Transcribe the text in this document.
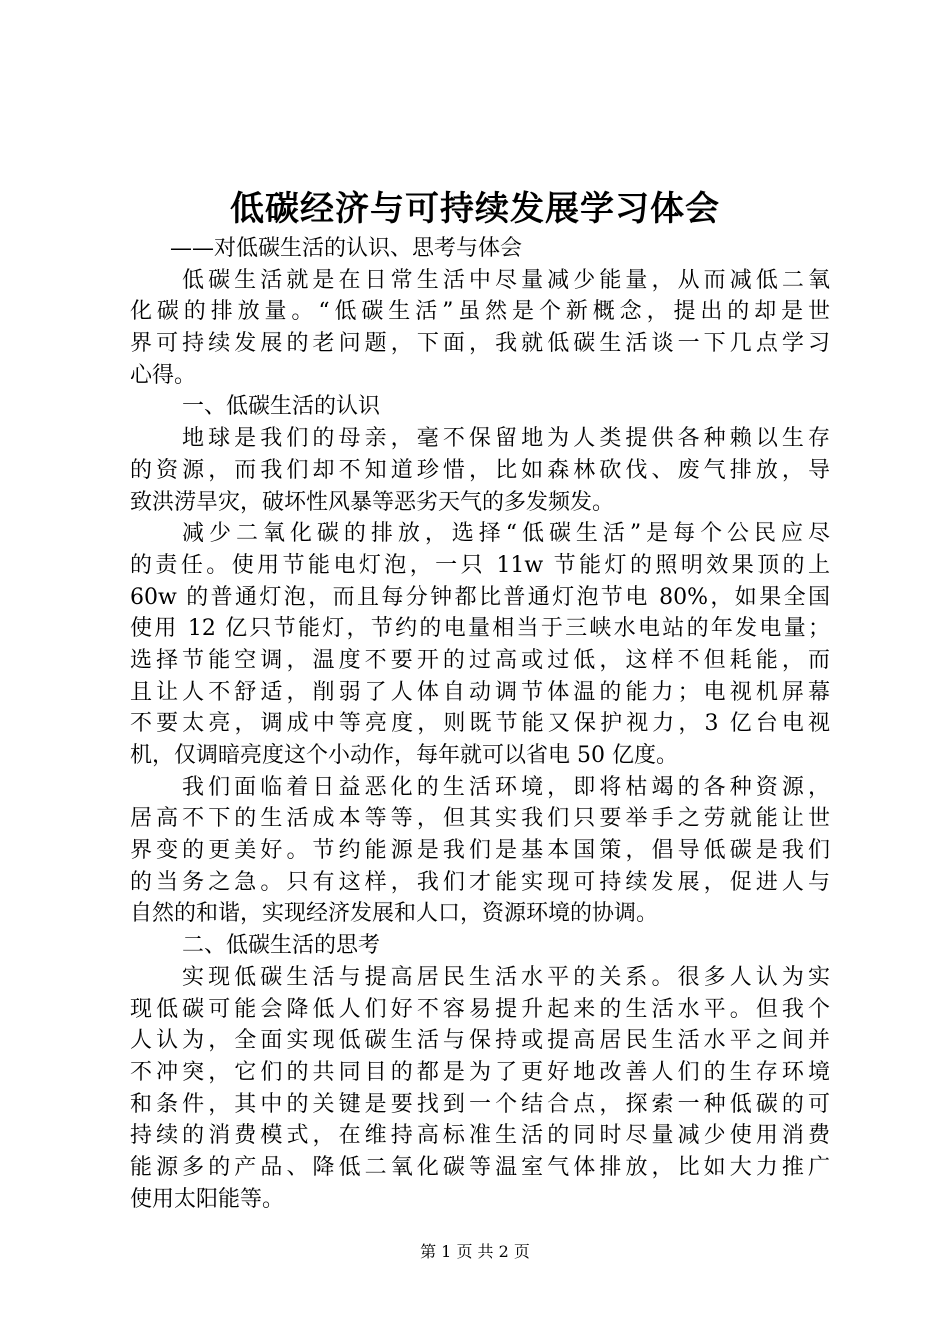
低碳经济与可持续发展学习体会
——对低碳生活的认识、思考与体会
低碳生活就是在日常生活中尽量减少能量，从而减低二氧
化碳的排放量。“低碳生活”虽然是个新概念，提出的却是世
界可持续发展的老问题，下面，我就低碳生活谈一下几点学习
心得。
一、低碳生活的认识
地球是我们的母亲，毫不保留地为人类提供各种赖以生存
的资源，而我们却不知道珍惜，比如森林砍伐、废气排放，导
致洪涝旱灾，破坏性风暴等恶劣天气的多发频发。
减少二氧化碳的排放，选择“低碳生活”是每个公民应尽
的责任。使用节能电灯泡，一只 11w 节能灯的照明效果顶的上
60w 的普通灯泡，而且每分钟都比普通灯泡节电 80%，如果全国
使用 12 亿只节能灯，节约的电量相当于三峡水电站的年发电量；
选择节能空调，温度不要开的过高或过低，这样不但耗能，而
且让人不舒适，削弱了人体自动调节体温的能力；电视机屏幕
不要太亮，调成中等亮度，则既节能又保护视力，3 亿台电视
机，仅调暗亮度这个小动作，每年就可以省电 50 亿度。
我们面临着日益恶化的生活环境，即将枯竭的各种资源，
居高不下的生活成本等等，但其实我们只要举手之劳就能让世
界变的更美好。节约能源是我们是基本国策，倡导低碳是我们
的当务之急。只有这样，我们才能实现可持续发展，促进人与
自然的和谐，实现经济发展和人口，资源环境的协调。
二、低碳生活的思考
实现低碳生活与提高居民生活水平的关系。很多人认为实
现低碳可能会降低人们好不容易提升起来的生活水平。但我个
人认为，全面实现低碳生活与保持或提高居民生活水平之间并
不冲突，它们的共同目的都是为了更好地改善人们的生存环境
和条件，其中的关键是要找到一个结合点，探索一种低碳的可
持续的消费模式，在维持高标准生活的同时尽量减少使用消费
能源多的产品、降低二氧化碳等温室气体排放，比如大力推广
使用太阳能等。
第 1 页 共 2 页
